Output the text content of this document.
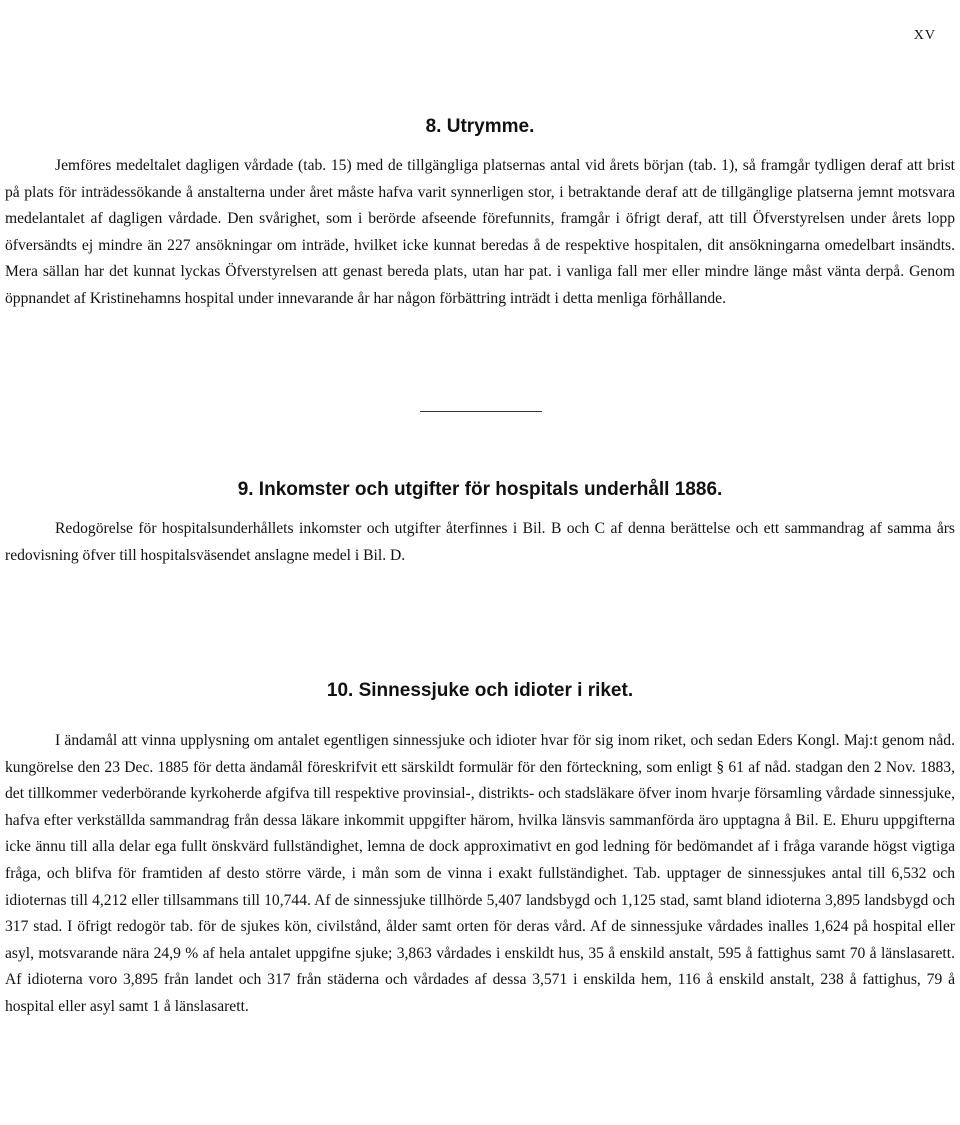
XV
8. Utrymme.

Jemföres medeltalet dagligen vårdade (tab. 15) med de tillgängliga platsernas antal vid årets början (tab. 1), så framgår tydligen deraf att brist på plats för inträdessökande å anstalterna under året måste hafva varit synnerligen stor, i betraktande deraf att de tillgänglige platserna jemnt motsvara medelantalet af dagligen vårdade. Den svårighet, som i berörde afseende förefunnits, framgår i öfrigt deraf, att till Öfverstyrelsen under årets lopp öfversändts ej mindre än 227 ansökningar om inträde, hvilket icke kunnat beredas å de respektive hospitalen, dit ansökningarna omedelbart insändts. Mera sällan har det kunnat lyckas Öfverstyrelsen att genast bereda plats, utan har pat. i vanliga fall mer eller mindre länge måst vänta derpå. Genom öppnandet af Kristinehamns hospital under innevarande år har någon förbättring inträdt i detta menliga förhållande.

9. Inkomster och utgifter för hospitals underhåll 1886.

Redogörelse för hospitalsunderhållets inkomster och utgifter återfinnes i Bil. B och C af denna berättelse och ett sammandrag af samma års redovisning öfver till hospitalsväsendet anslagne medel i Bil. D.

10. Sinnessjuke och idioter i riket.

I ändamål att vinna upplysning om antalet egentligen sinnessjuke och idioter hvar för sig inom riket, och sedan Eders Kongl. Maj:t genom nåd. kungörelse den 23 Dec. 1885 för detta ändamål föreskrifvit ett särskildt formulär för den förteckning, som enligt § 61 af nåd. stadgan den 2 Nov. 1883, det tillkommer vederbörande kyrkoherde afgifva till respektive provinsial-, distrikts- och stadsläkare öfver inom hvarje församling vårdade sinnessjuke, hafva efter verkställda sammandrag från dessa läkare inkommit uppgifter härom, hvilka länsvis sammanförda äro upptagna å Bil. E. Ehuru uppgifterna icke ännu till alla delar ega fullt önskvärd fullständighet, lemna de dock approximativt en god ledning för bedömandet af i fråga varande högst vigtiga fråga, och blifva för framtiden af desto större värde, i mån som de vinna i exakt fullständighet. Tab. upptager de sinnessjukes antal till 6,532 och idioternas till 4,212 eller tillsammans till 10,744. Af de sinnessjuke tillhörde 5,407 landsbygd och 1,125 stad, samt bland idioterna 3,895 landsbygd och 317 stad. I öfrigt redogör tab. för de sjukes kön, civilstånd, ålder samt orten för deras vård. Af de sinnessjuke vårdades inalles 1,624 på hospital eller asyl, motsvarande nära 24,9 % af hela antalet uppgifne sjuke; 3,863 vårdades i enskildt hus, 35 å enskild anstalt, 595 å fattighus samt 70 å länslasarett. Af idioterna voro 3,895 från landet och 317 från städerna och vårdades af dessa 3,571 i enskilda hem, 116 å enskild anstalt, 238 å fattighus, 79 å hospital eller asyl samt 1 å länslasarett.
